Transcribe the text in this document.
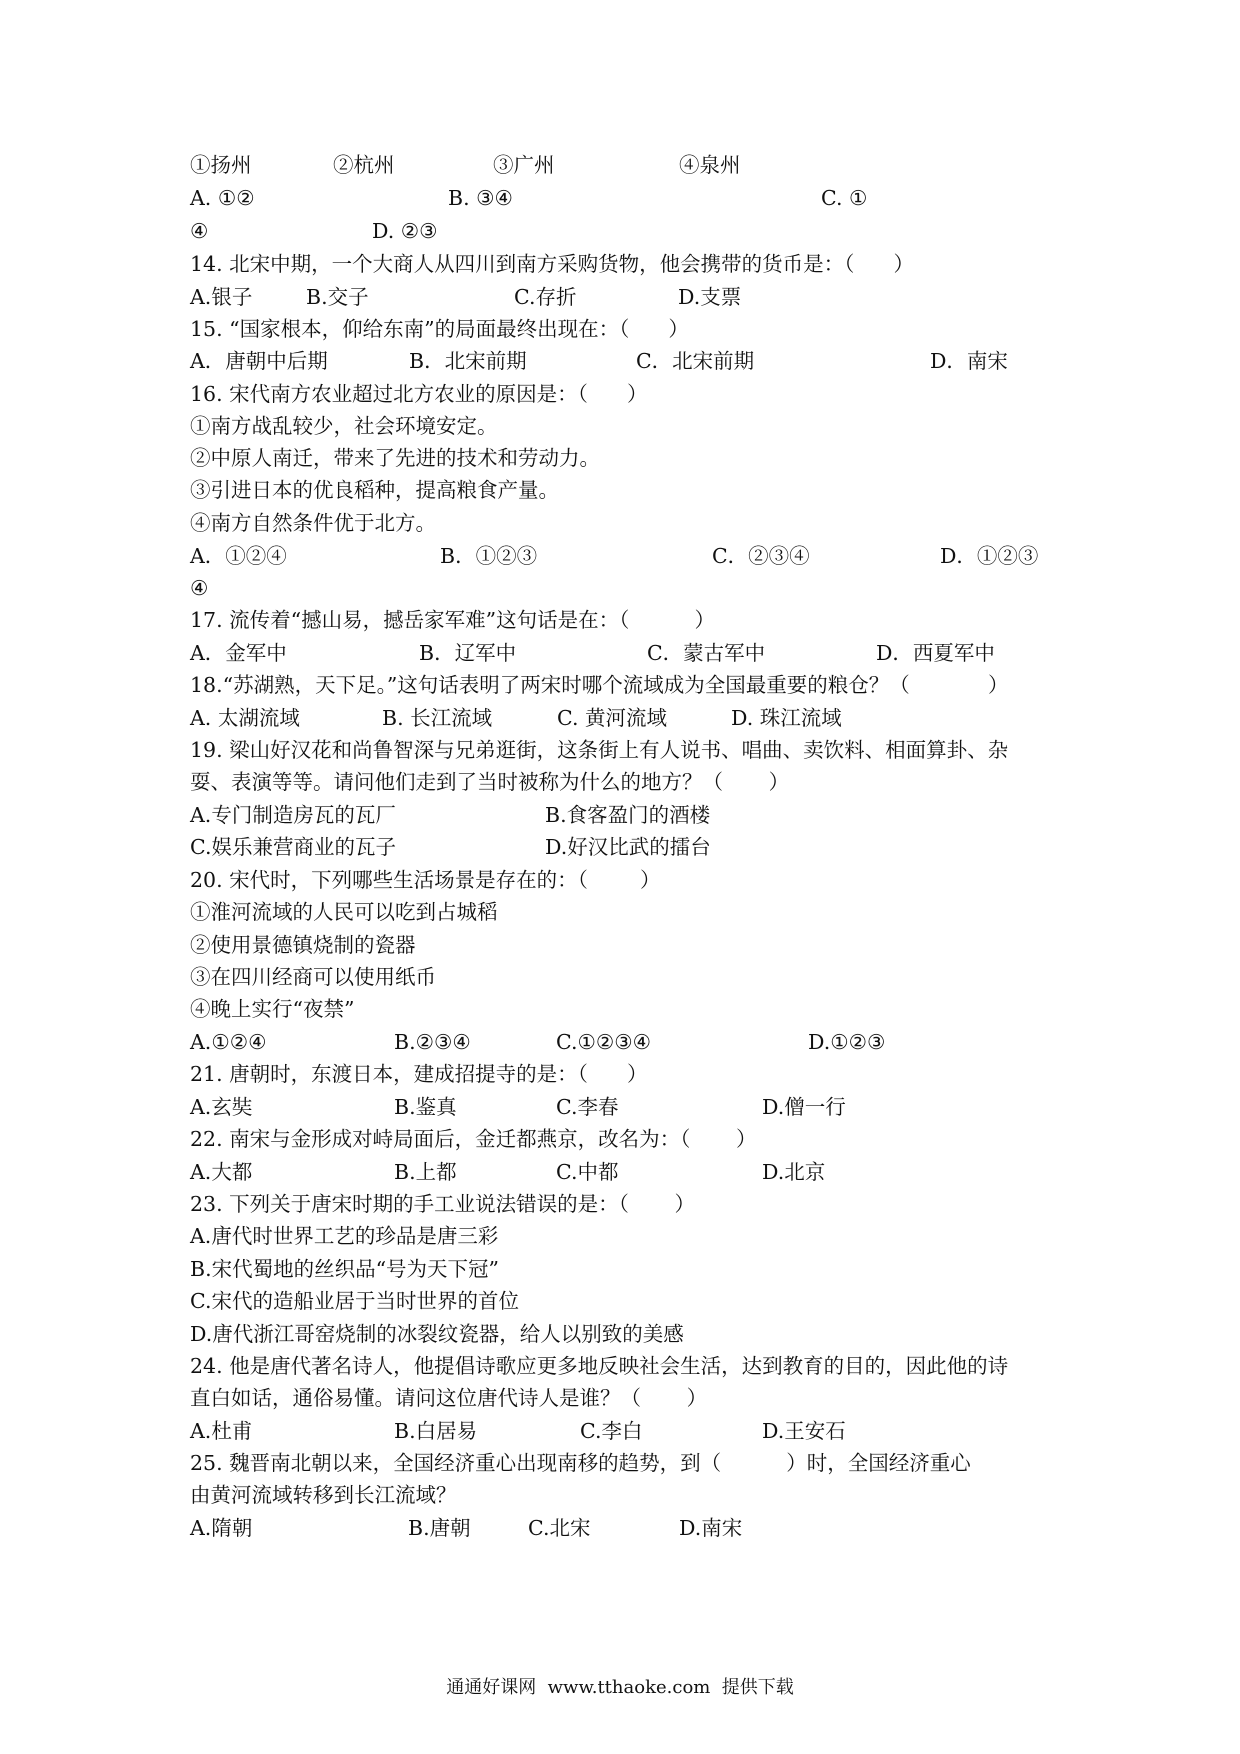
①扬州	②杭州	③广州	④泉州
A. ①②	B. ③④	C. ①
④	D. ②③
14. 北宋中期，一个大商人从四川到南方采购货物，他会携带的货币是：（      ）
A.银子	B.交子	C.存折	D.支票
15. “国家根本，仰给东南”的局面最终出现在：（      ）
A．唐朝中后期	B．北宋前期	C．北宋前期	D．南宋
16. 宋代南方农业超过北方农业的原因是：（      ）
①南方战乱较少，社会环境安定。
②中原人南迁，带来了先进的技术和劳动力。
③引进日本的优良稻种，提高粮食产量。
④南方自然条件优于北方。
A．①②④	B．①②③	C．②③④	D．①②③
④
17. 流传着“撼山易，撼岳家军难”这句话是在：（          ）
A．金军中	B．辽军中	C．蒙古军中	D．西夏军中
18.“苏湖熟，天下足。”这句话表明了两宋时哪个流域成为全国最重要的粮仓？（            ）
A. 太湖流域	B. 长江流域	C. 黄河流域	D. 珠江流域
19. 梁山好汉花和尚鲁智深与兄弟逛街，这条街上有人说书、唱曲、卖饮料、相面算卦、杂
耍、表演等等。请问他们走到了当时被称为什么的地方？（       ）
A.专门制造房瓦的瓦厂	B.食客盈门的酒楼
C.娱乐兼营商业的瓦子	D.好汉比武的擂台
20. 宋代时，下列哪些生活场景是存在的：（        ）
①淮河流域的人民可以吃到占城稻
②使用景德镇烧制的瓷器
③在四川经商可以使用纸币
④晚上实行“夜禁”
A.①②④	B.②③④	C.①②③④	D.①②③
21. 唐朝时，东渡日本，建成招提寺的是：（      ）
A.玄奘	B.鉴真	C.李春	D.僧一行
22. 南宋与金形成对峙局面后，金迁都燕京，改名为：（       ）
A.大都	B.上都	C.中都	D.北京
23. 下列关于唐宋时期的手工业说法错误的是：（       ）
A.唐代时世界工艺的珍品是唐三彩
B.宋代蜀地的丝织品“号为天下冠”
C.宋代的造船业居于当时世界的首位
D.唐代浙江哥窑烧制的冰裂纹瓷器，给人以别致的美感
24. 他是唐代著名诗人，他提倡诗歌应更多地反映社会生活，达到教育的目的，因此他的诗
直白如话，通俗易懂。请问这位唐代诗人是谁？（       ）
A.杜甫	B.白居易	C.李白	D.王安石
25. 魏晋南北朝以来，全国经济重心出现南移的趋势，到（          ）时，全国经济重心
由黄河流域转移到长江流域？
A.隋朝	B.唐朝	C.北宋	D.南宋
通通好课网  www.tthaoke.com  提供下载
